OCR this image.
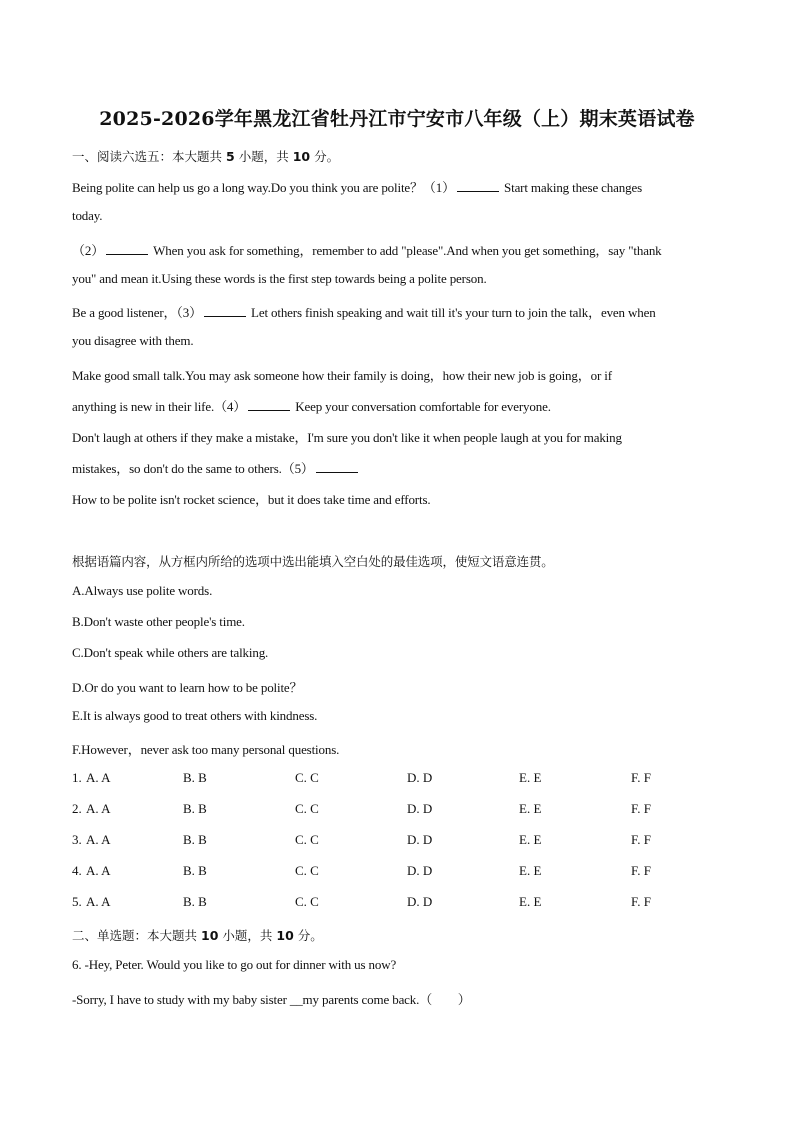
2025-2026学年黑龙江省牡丹江市宁安市八年级（上）期末英语试卷
一、阅读六选五：本大题共 5 小题，共 10 分。
Being polite can help us go a long way.Do you think you are polite？（1）	Start making these changes
today.
（2）	When you ask for something，remember to add "please".And when you get something，say "thank
you" and mean it.Using these words is the first step towards being a polite person.
Be a good listener，（3）	Let others finish speaking and wait till it's your turn to join the talk，even when
you disagree with them.
Make good small talk.You may ask someone how their family is doing，how their new job is going，or if
anything is new in their life.（4）	Keep your conversation comfortable for everyone.
Don't laugh at others if they make a mistake，I'm sure you don't like it when people laugh at you for making
mistakes，so don't do the same to others.（5）
How to be polite isn't rocket science，but it does take time and efforts.
根据语篇内容，从方框内所给的选项中选出能填入空白处的最佳选项，使短文语意连贯。
A.Always use polite words.
B.Don't waste other people's time.
C.Don't speak while others are talking.
D.Or do you want to learn how to be polite？
E.It is always good to treat others with kindness.
F.However，never ask too many personal questions.
1. A. A	B. B	C. C	D. D	E. E	F. F
2. A. A	B. B	C. C	D. D	E. E	F. F
3. A. A	B. B	C. C	D. D	E. E	F. F
4. A. A	B. B	C. C	D. D	E. E	F. F
5. A. A	B. B	C. C	D. D	E. E	F. F
二、单选题：本大题共 10 小题，共 10 分。
6. -Hey, Peter. Would you like to go out for dinner with us now?
-Sorry, I have to study with my baby sister __my parents come back.（　　）
